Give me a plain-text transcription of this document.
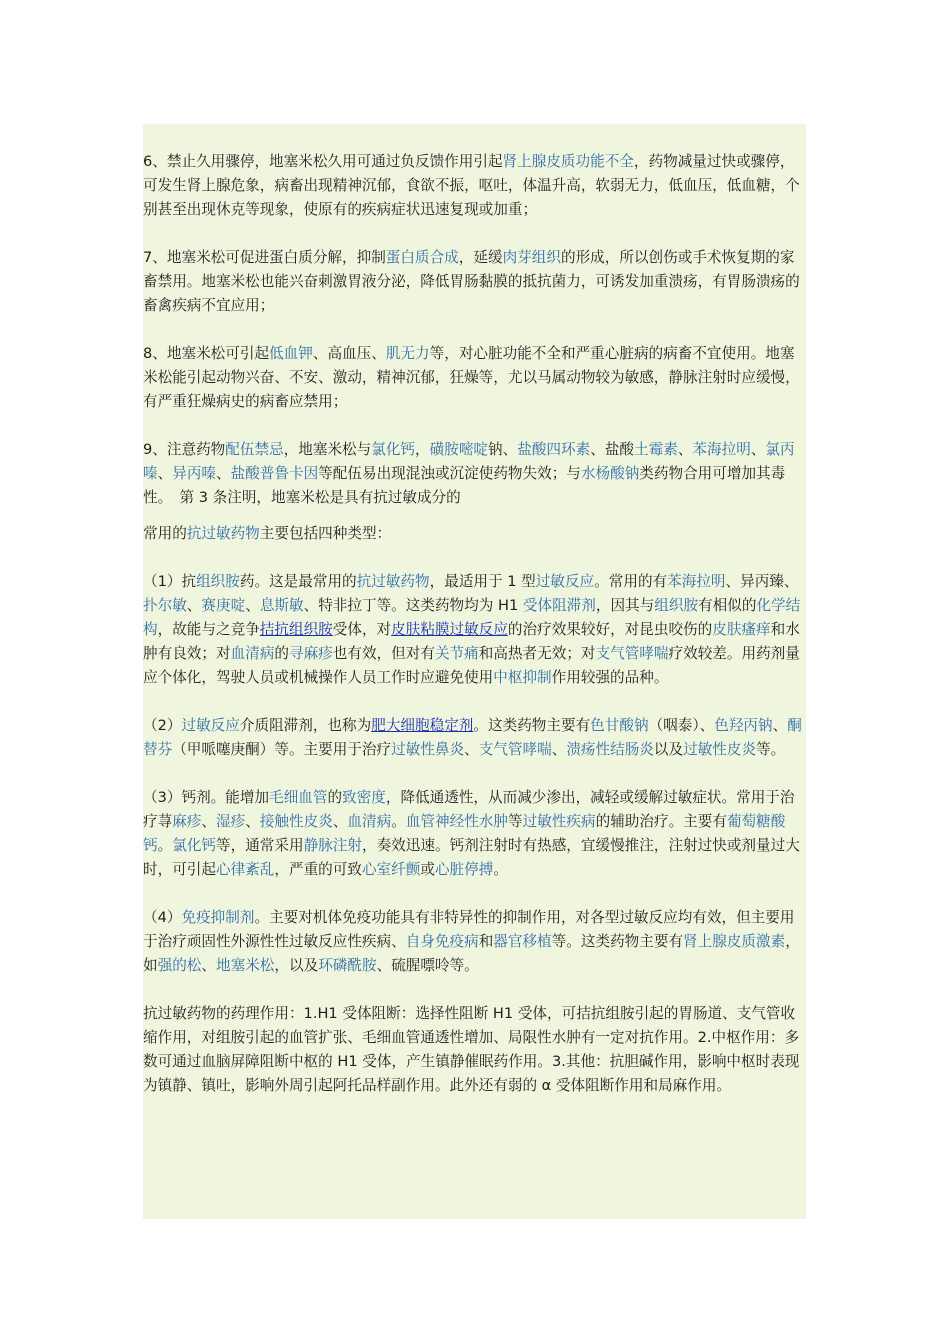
6、禁止久用骤停，地塞米松久用可通过负反馈作用引起肾上腺皮质功能不全，药物减量过快或骤停，可发生肾上腺危象，病畜出现精神沉郁，食欲不振，呕吐，体温升高，软弱无力，低血压，低血糖，个别甚至出现休克等现象，使原有的疾病症状迅速复现或加重；

7、地塞米松可促进蛋白质分解，抑制蛋白质合成，延缓肉芽组织的形成，所以创伤或手术恢复期的家畜禁用。地塞米松也能兴奋刺激胃液分泌，降低胃肠黏膜的抵抗菌力，可诱发加重溃疡，有胃肠溃疡的畜禽疾病不宜应用；

8、地塞米松可引起低血钾、高血压、肌无力等，对心脏功能不全和严重心脏病的病畜不宜使用。地塞米松能引起动物兴奋、不安、激动，精神沉郁，狂燥等，尤以马属动物较为敏感，静脉注射时应缓慢，有严重狂燥病史的病畜应禁用；

9、注意药物配伍禁忌，地塞米松与氯化钙，磺胺嘧啶钠、盐酸四环素、盐酸土霉素、苯海拉明、氯丙嗪、异丙嗪、盐酸普鲁卡因等配伍易出现混浊或沉淀使药物失效；与水杨酸钠类药物合用可增加其毒性。　第 3 条注明，地塞米松是具有抗过敏成分的

常用的抗过敏药物主要包括四种类型：

（1）抗组织胺药。这是最常用的抗过敏药物，最适用于 1 型过敏反应。常用的有苯海拉明、异丙臻、扑尔敏、赛庚啶、息斯敏、特非拉丁等。这类药物均为 H1 受体阻滞剂，因其与组织胺有相似的化学结构，故能与之竞争拮抗组织胺受体，对皮肤粘膜过敏反应的治疗效果较好，对昆虫咬伤的皮肤瘙痒和水肿有良效；对血清病的寻麻疹也有效，但对有关节痛和高热者无效；对支气管哮喘疗效较差。用药剂量应个体化，驾驶人员或机械操作人员工作时应避免使用中枢抑制作用较强的品种。

（2）过敏反应介质阻滞剂，也称为肥大细胞稳定剂。这类药物主要有色甘酸钠（咽泰）、色羟丙钠、酮替芬（甲哌噻庚酮）等。主要用于治疗过敏性鼻炎、支气管哮喘、溃疡性结肠炎以及过敏性皮炎等。

（3）钙剂。能增加毛细血管的致密度，降低通透性，从而减少渗出，减轻或缓解过敏症状。常用于治疗荨麻疹、湿疹、接触性皮炎、血清病。血管神经性水肿等过敏性疾病的辅助治疗。主要有葡萄糖酸钙。氯化钙等，通常采用静脉注射，奏效迅速。钙剂注射时有热感，宜缓慢推注，注射过快或剂量过大时，可引起心律紊乱，严重的可致心室纤颤或心脏停搏。

（4）免疫抑制剂。主要对机体免疫功能具有非特异性的抑制作用，对各型过敏反应均有效，但主要用于治疗顽固性外源性性过敏反应性疾病、自身免疫病和器官移植等。这类药物主要有肾上腺皮质激素，如强的松、地塞米松，以及环磷酰胺、硫腥嘌呤等。

抗过敏药物的药理作用：1.H1 受体阻断：选择性阻断 H1 受体，可拮抗组胺引起的胃肠道、支气管收缩作用，对组胺引起的血管扩张、毛细血管通透性增加、局限性水肿有一定对抗作用。2.中枢作用：多数可通过血脑屏障阻断中枢的 H1 受体，产生镇静催眠药作用。3.其他：抗胆碱作用，影响中枢时表现为镇静、镇吐，影响外周引起阿托品样副作用。此外还有弱的 α 受体阻断作用和局麻作用。
